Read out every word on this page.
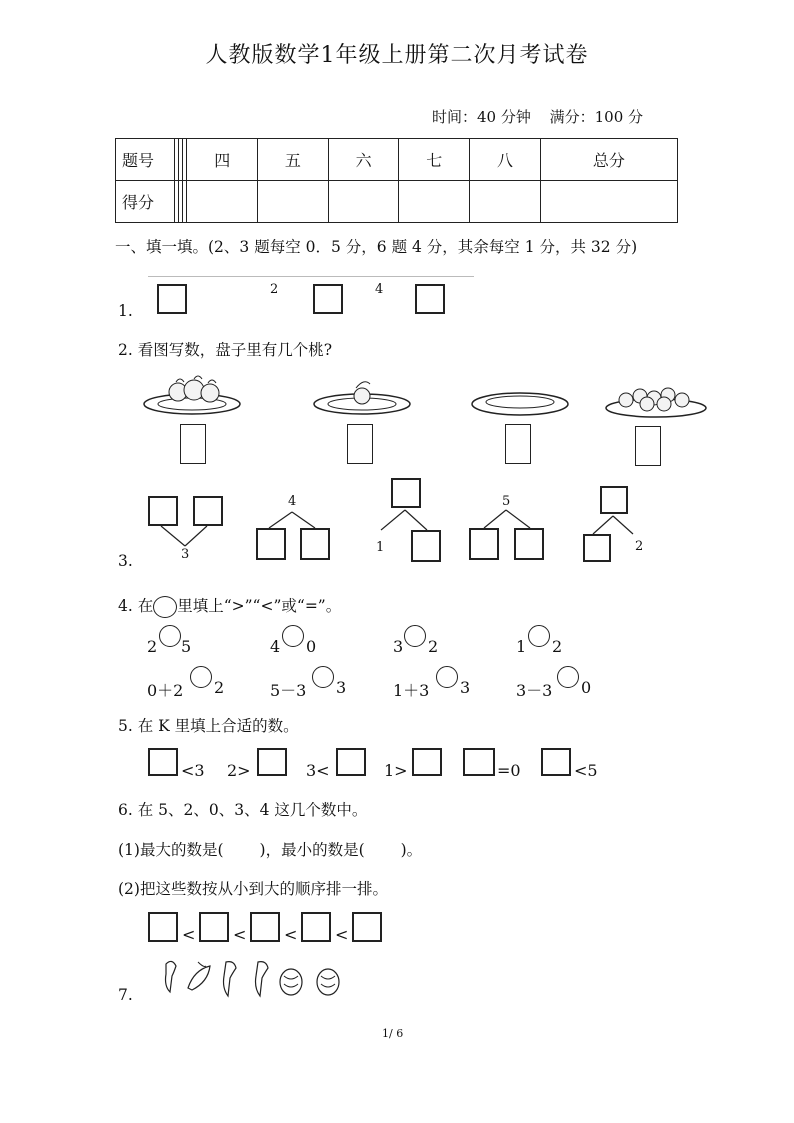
人教版数学1年级上册第二次月考试卷
时间：40 分钟 满分：100 分
题号				四	五	六	七	八	总分
得分									
一、填一填。(2、3 题每空 0．5 分，6 题 4 分，其余每空 1 分，共 32 分)
1.
2	4
2. 看图写数，盘子里有几个桃?
3.	3
4
1
5
2
4. 在 里填上“>”“<”或“=”。
2 5	4 0	3 2	1 2
0＋2 2	5－3 3	1＋3 3	3－3 0
5. 在 K 里填上合适的数。
<3 2>	3<	1>	=0	<5
6. 在 5、2、0、3、4 这几个数中。
(1)最大的数是( )，最小的数是( )。
(2)把这些数按从小到大的顺序排一排。
< < < <
7.
1/ 6
